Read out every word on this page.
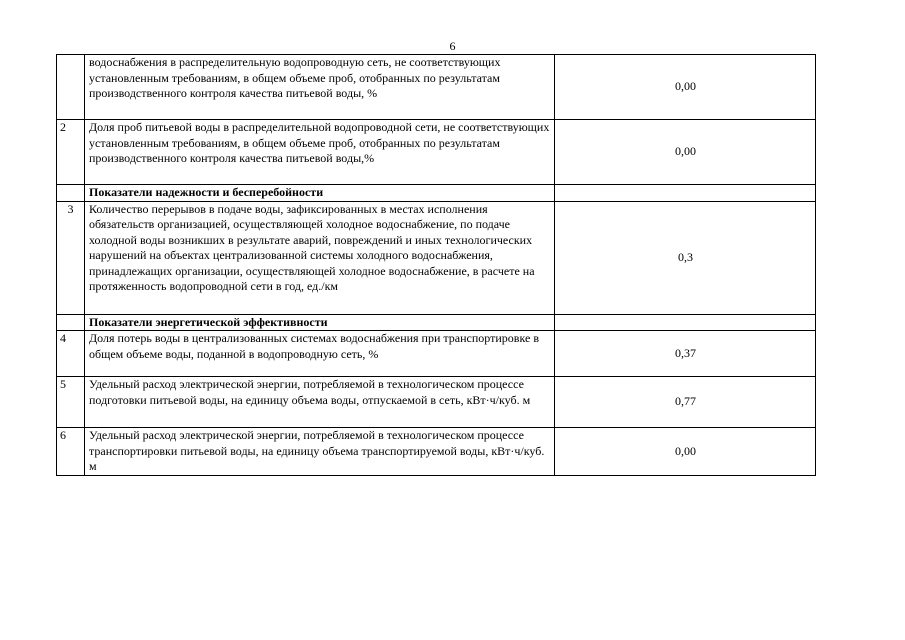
6
	водоснабжения в распределительную водопроводную сеть, не соответствующих установленным требованиям, в общем объеме проб, отобранных по результатам производственного контроля качества питьевой воды, %	0,00
2	Доля проб питьевой воды в распределительной водопроводной сети, не соответствующих установленным требованиям, в общем объеме проб, отобранных по результатам производственного контроля качества питьевой воды,%	0,00
	Показатели надежности и бесперебойности	
3	Количество перерывов в подаче воды, зафиксированных в местах исполнения обязательств организацией, осуществляющей холодное водоснабжение, по подаче холодной воды возникших в результате аварий, повреждений и иных технологических нарушений на объектах централизованной системы холодного водоснабжения, принадлежащих организации, осуществляющей холодное водоснабжение, в расчете на протяженность водопроводной сети в год, ед./км	0,3
	Показатели энергетической эффективности	
4	Доля потерь воды в централизованных системах водоснабжения при транспортировке в общем объеме воды, поданной в водопроводную сеть, %	0,37
5	Удельный расход электрической энергии, потребляемой в технологическом процессе подготовки питьевой воды, на единицу объема воды, отпускаемой в сеть, кВт·ч/куб. м	0,77
6	Удельный расход электрической энергии, потребляемой в технологическом процессе транспортировки питьевой воды, на единицу объема транспортируемой воды, кВт·ч/куб. м	0,00
